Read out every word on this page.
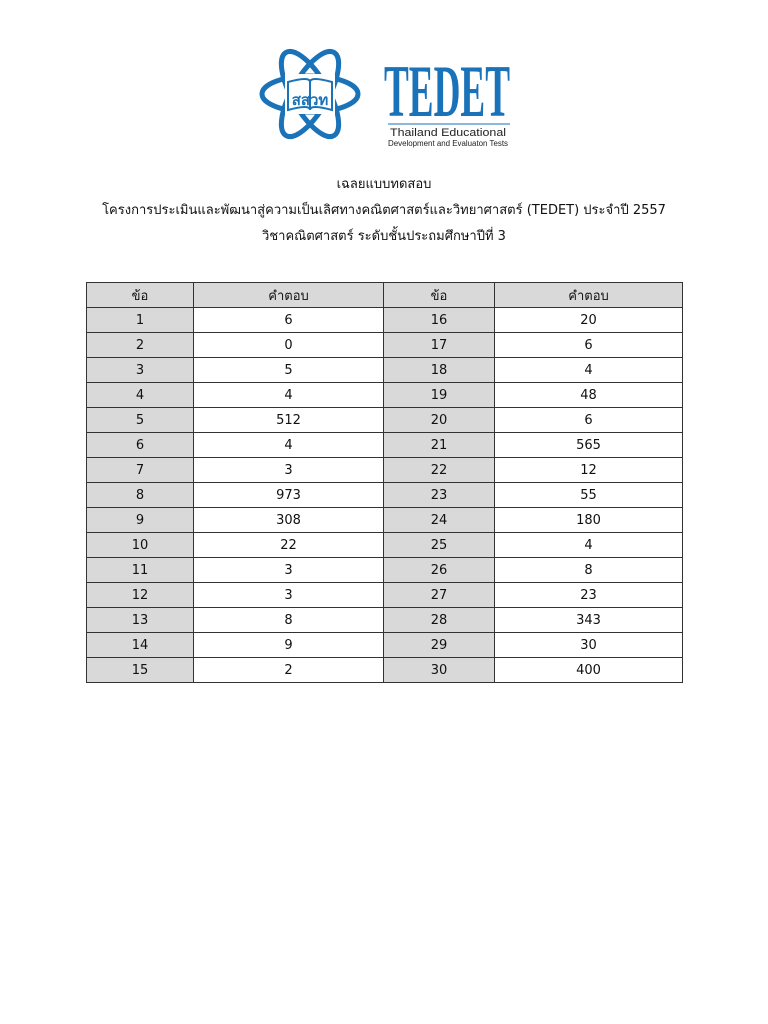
สสวท TEDET
Thailand Educational
Development and Evaluaton Tests
เฉลยแบบทดสอบ
โครงการประเมินและพัฒนาสู่ความเป็นเลิศทางคณิตศาสตร์และวิทยาศาสตร์ (TEDET) ประจำปี 2557
วิชาคณิตศาสตร์ ระดับชั้นประถมศึกษาปีที่ 3
ข้อ	คำตอบ	ข้อ	คำตอบ
1	6	16	20
2	0	17	6
3	5	18	4
4	4	19	48
5	512	20	6
6	4	21	565
7	3	22	12
8	973	23	55
9	308	24	180
10	22	25	4
11	3	26	8
12	3	27	23
13	8	28	343
14	9	29	30
15	2	30	400
